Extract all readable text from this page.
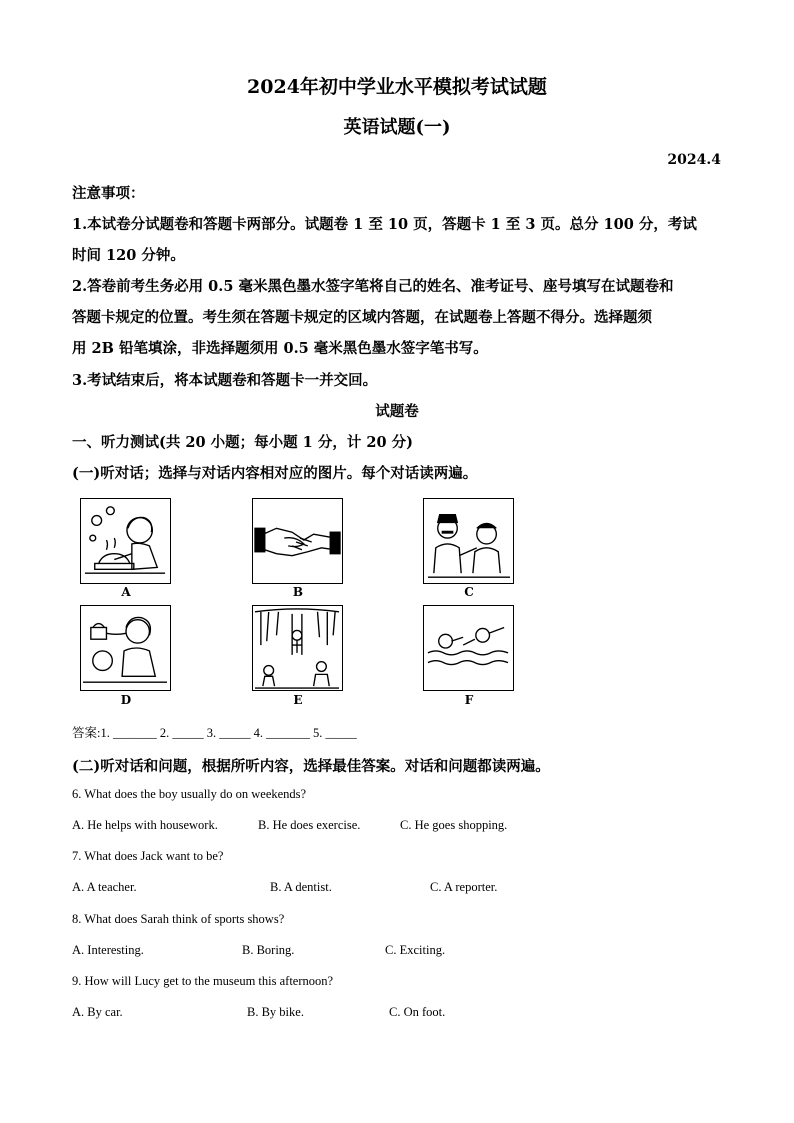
2024年初中学业水平模拟考试试题
英语试题(一)
2024.4
注意事项：
1.本试卷分试题卷和答题卡两部分。试题卷 1 至 10 页，答题卡 1 至 3 页。总分 100 分，考试
时间 120 分钟。
2.答卷前考生务必用 0.5 毫米黑色墨水签字笔将自己的姓名、准考证号、座号填写在试题卷和
答题卡规定的位置。考生须在答题卡规定的区域内答题，在试题卷上答题不得分。选择题须
用 2B 铅笔填涂，非选择题须用 0.5 毫米黑色墨水签字笔书写。
3.考试结束后，将本试题卷和答题卡一并交回。
试题卷
一、听力测试(共 20 小题；每小题 1 分，计 20 分)
(一)听对话；选择与对话内容相对应的图片。每个对话读两遍。
A	B	C
D	E	F
答案:1. _______ 2. _____ 3. _____ 4. _______ 5. _____
(二)听对话和问题，根据所听内容，选择最佳答案。对话和问题都读两遍。
6. What does the boy usually do on weekends?
A. He helps with housework.	B. He does exercise.	C. He goes shopping.
7. What does Jack want to be?
A. A teacher.	B. A dentist.	C. A reporter.
8. What does Sarah think of sports shows?
A. Interesting.	B. Boring.	C. Exciting.
9. How will Lucy get to the museum this afternoon?
A. By car.	B. By bike.	C. On foot.
